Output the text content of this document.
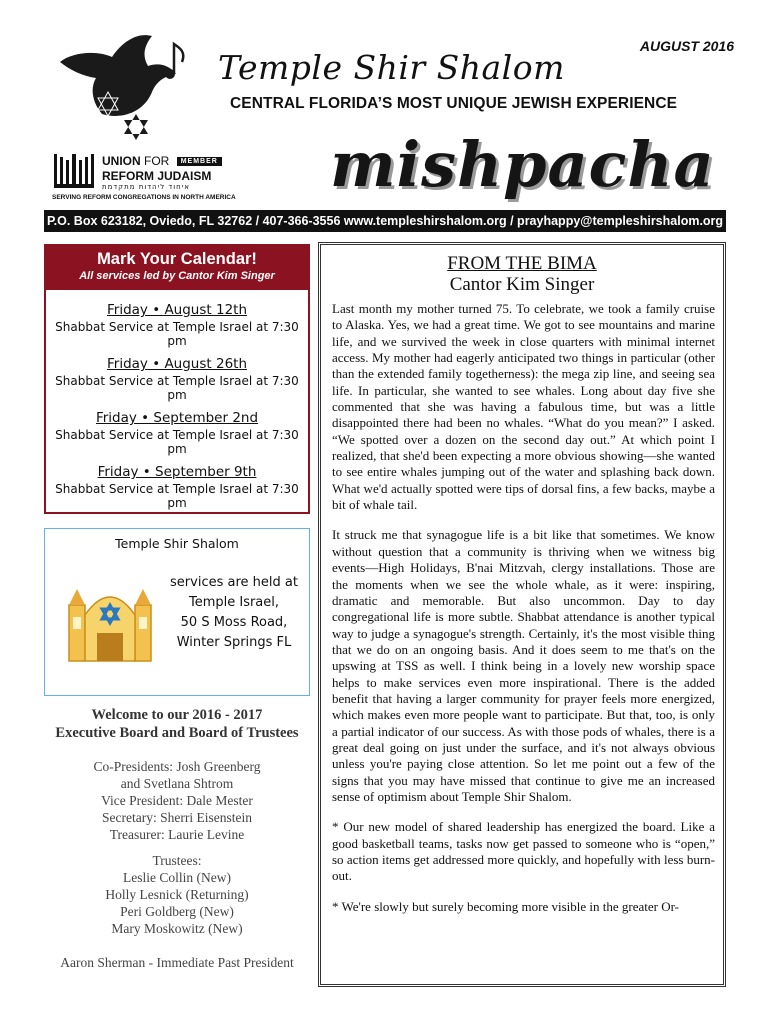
Temple Shir Shalom
AUGUST 2016
CENTRAL FLORIDA’S MOST UNIQUE JEWISH EXPERIENCE
UNION FOR MEMBER
REFORM JUDAISM
איחוד ליהדות מתקדמת
SERVING REFORM CONGREGATIONS IN NORTH AMERICA mishpacha
P.O. Box 623182, Oviedo, FL 32762 / 407-366-3556 www.templeshirshalom.org / prayhappy@templeshirshalom.org
Mark Your Calendar!
All services led by Cantor Kim Singer
Friday • August 12th
Shabbat Service at Temple Israel at 7:30 pm
Friday • August 26th
Shabbat Service at Temple Israel at 7:30 pm
Friday • September 2nd
Shabbat Service at Temple Israel at 7:30 pm
Friday • September 9th
Shabbat Service at Temple Israel at 7:30 pm
Temple Shir Shalom
services are held at
Temple Israel,
50 S Moss Road,
Winter Springs FL
Welcome to our 2016 - 2017
Executive Board and Board of Trustees
Co-Presidents: Josh Greenberg
and Svetlana Shtrom
Vice President: Dale Mester
Secretary: Sherri Eisenstein
Treasurer: Laurie Levine
Trustees:
Leslie Collin (New)
Holly Lesnick (Returning)
Peri Goldberg (New)
Mary Moskowitz (New)
Aaron Sherman - Immediate Past President
FROM THE BIMA
Cantor Kim Singer

Last month my mother turned 75. To celebrate, we took a family cruise to Alaska. Yes, we had a great time. We got to see mountains and marine life, and we survived the week in close quarters with minimal internet access. My mother had eagerly anticipated two things in particular (other than the extended family togetherness): the mega zip line, and seeing sea life. In particular, she wanted to see whales. Long about day five she commented that she was having a fabulous time, but was a little disappointed there had been no whales. “What do you mean?” I asked. “We spotted over a dozen on the second day out.” At which point I realized, that she'd been expecting a more obvious showing—she wanted to see entire whales jumping out of the water and splashing back down. What we'd actually spotted were tips of dorsal fins, a few backs, maybe a bit of whale tail.

It struck me that synagogue life is a bit like that sometimes. We know without question that a community is thriving when we witness big events—High Holidays, B'nai Mitzvah, clergy installations. Those are the moments when we see the whole whale, as it were: inspiring, dramatic and memorable. But also uncommon. Day to day congregational life is more subtle. Shabbat attendance is another typical way to judge a synagogue's strength. Certainly, it's the most visible thing that we do on an ongoing basis. And it does seem to me that's on the upswing at TSS as well. I think being in a lovely new worship space helps to make services even more inspirational. There is the added benefit that having a larger community for prayer feels more energized, which makes even more people want to participate. But that, too, is only a partial indicator of our success. As with those pods of whales, there is a great deal going on just under the surface, and it's not always obvious unless you're paying close attention. So let me point out a few of the signs that you may have missed that continue to give me an increased sense of optimism about Temple Shir Shalom.

* Our new model of shared leadership has energized the board. Like a good basketball teams, tasks now get passed to someone who is “open,” so action items get addressed more quickly, and hopefully with less burn-out.

* We're slowly but surely becoming more visible in the greater Or-
